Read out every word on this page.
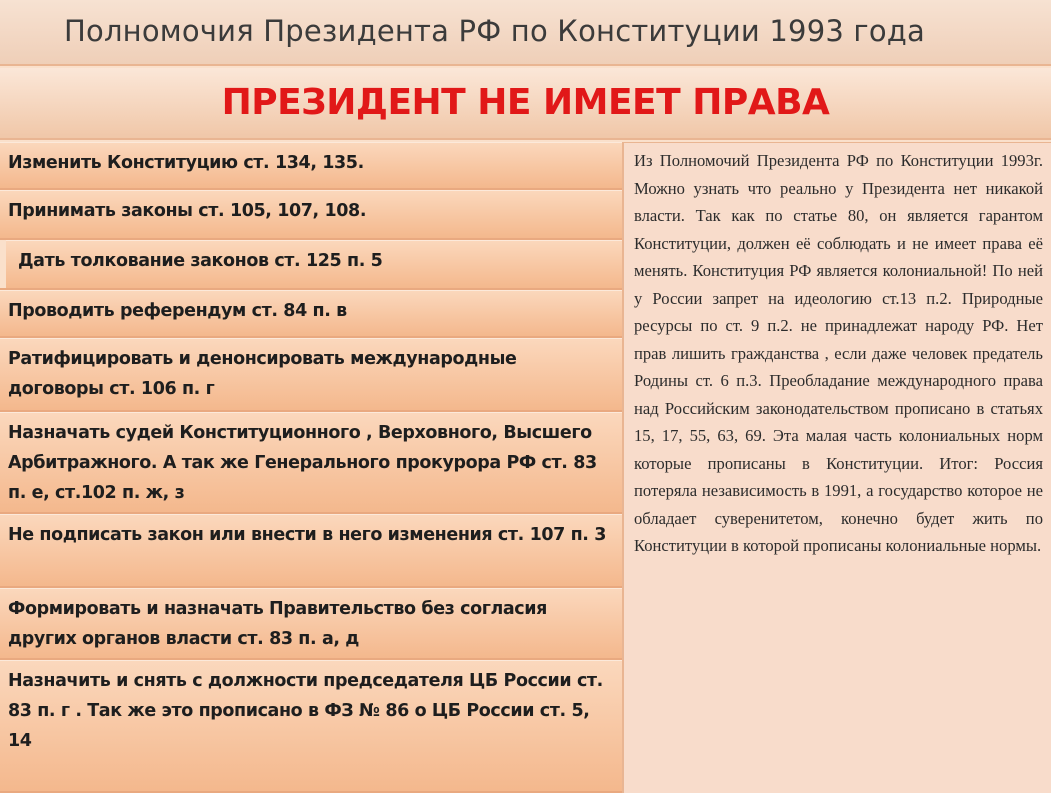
Полномочия Президента РФ по Конституции 1993 года
ПРЕЗИДЕНТ НЕ ИМЕЕТ ПРАВА
Изменить Конституцию ст. 134, 135.
Принимать законы ст. 105, 107, 108.
Дать толкование законов ст. 125 п. 5
Проводить референдум ст. 84 п. в
Ратифицировать и денонсировать международные договоры ст. 106 п. г
Назначать судей Конституционного , Верховного, Высшего Арбитражного. А так же Генерального прокурора РФ ст. 83 п. е, ст.102 п. ж, з
Не подписать закон или внести в него изменения ст. 107 п. 3
Формировать и назначать Правительство без согласия других органов власти ст. 83 п. а, д
Назначить и снять с должности председателя ЦБ России ст. 83 п. г . Так же это прописано в ФЗ № 86 о ЦБ России ст. 5, 14
Из Полномочий Президента РФ по Конституции 1993г. Можно узнать что реально у Президента нет никакой власти. Так как по статье 80, он является гарантом Конституции, должен её соблюдать и не имеет права её менять. Конституция РФ является колониальной! По ней у России запрет на идеологию ст.13 п.2. Природные ресурсы по ст. 9 п.2. не принадлежат народу РФ. Нет прав лишить гражданства , если даже человек предатель Родины ст. 6 п.3. Преобладание международного права над Российским законодательством прописано в статьях 15, 17, 55, 63, 69. Эта малая часть колониальных норм которые прописаны в Конституции. Итог: Россия потеряла независимость в 1991, а государство которое не обладает суверенитетом, конечно будет жить по Конституции в которой прописаны колониальные нормы.
